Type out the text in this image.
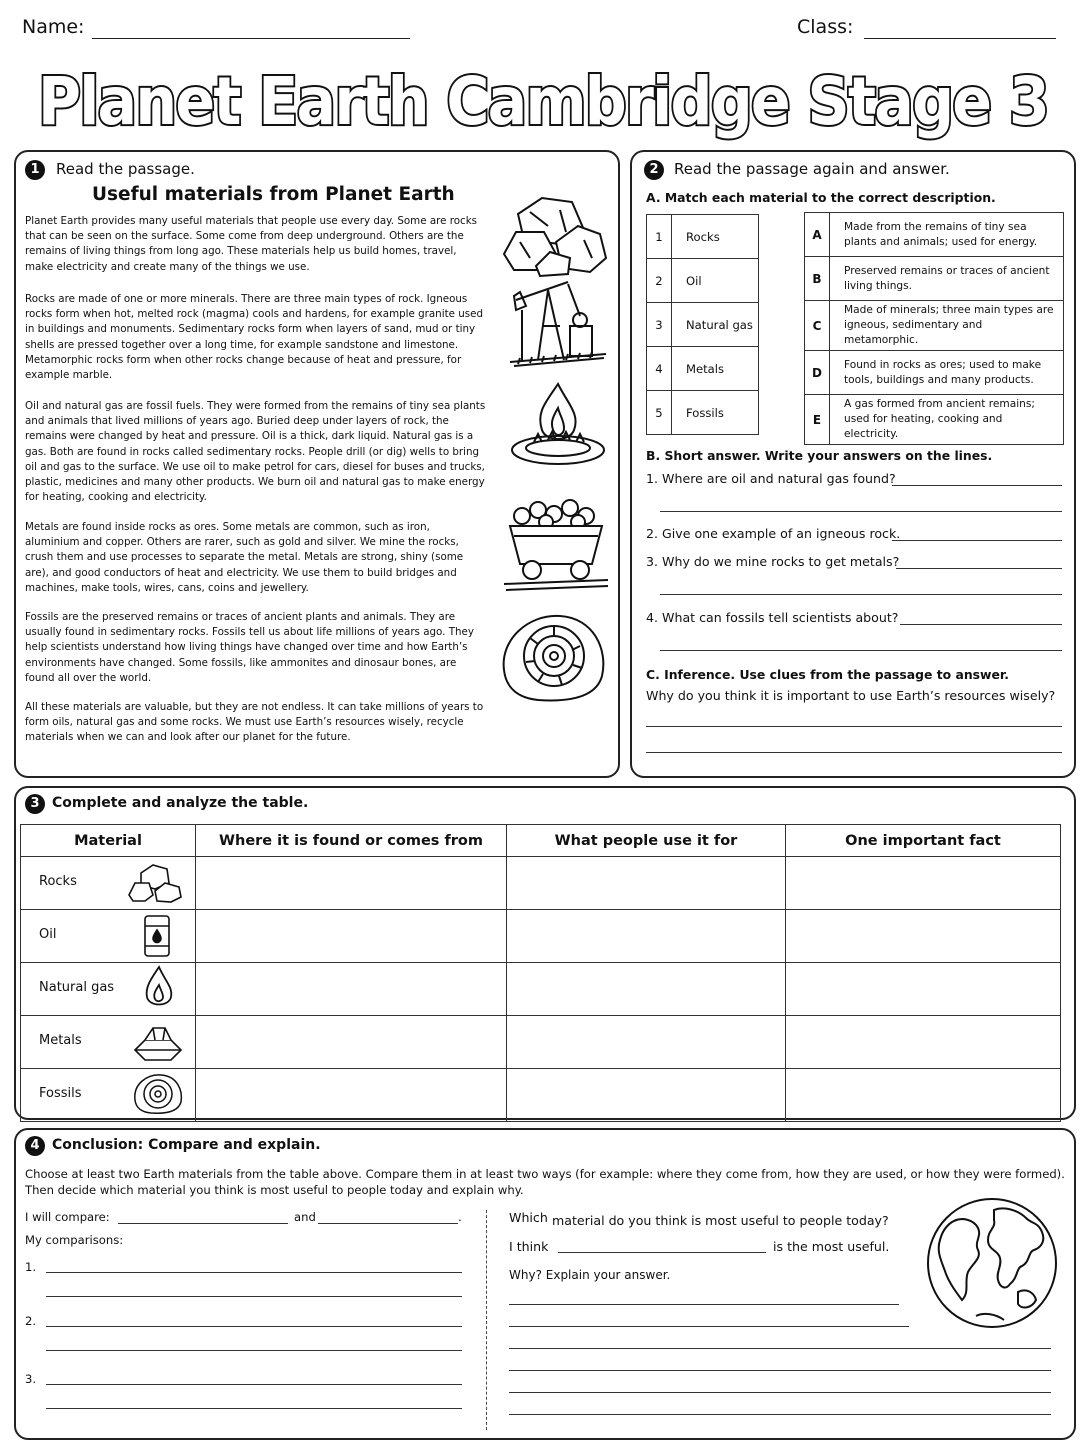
Name:	Class:
Planet Earth Cambridge Stage 3
1	Read the passage.
Useful materials from Planet Earth

Planet Earth provides many useful materials that people use every day. Some are rocks that can be seen on the surface. Some come from deep underground. Others are the remains of living things from long ago. These materials help us build homes, travel, make electricity and create many of the things we use.

Rocks are made of one or more minerals. There are three main types of rock. Igneous rocks form when hot, melted rock (magma) cools and hardens, for example granite used in buildings and monuments. Sedimentary rocks form when layers of sand, mud or tiny shells are pressed together over a long time, for example sandstone and limestone. Metamorphic rocks form when other rocks change because of heat and pressure, for example marble.

Oil and natural gas are fossil fuels. They were formed from the remains of tiny sea plants and animals that lived millions of years ago. Buried deep under layers of rock, the remains were changed by heat and pressure. Oil is a thick, dark liquid. Natural gas is a gas. Both are found in rocks called sedimentary rocks. People drill (or dig) wells to bring oil and gas to the surface. We use oil to make petrol for cars, diesel for buses and trucks, plastic, medicines and many other products. We burn oil and natural gas to make energy for heating, cooking and electricity.

Metals are found inside rocks as ores. Some metals are common, such as iron, aluminium and copper. Others are rarer, such as gold and silver. We mine the rocks, crush them and use processes to separate the metal. Metals are strong, shiny (some are), and good conductors of heat and electricity. We use them to build bridges and machines, make tools, wires, cans, coins and jewellery.

Fossils are the preserved remains or traces of ancient plants and animals. They are usually found in sedimentary rocks. Fossils tell us about life millions of years ago. They help scientists understand how living things have changed over time and how Earth’s environments have changed. Some fossils, like ammonites and dinosaur bones, are found all over the world.

All these materials are valuable, but they are not endless. It can take millions of years to form oils, natural gas and some rocks. We must use Earth’s resources wisely, recycle materials when we can and look after our planet for the future.

2	Read the passage again and answer.
A. Match each material to the correct description.
1	Rocks
2	Oil
3	Natural gas
4	Metals
5	Fossils
A	Made from the remains of tiny sea plants and animals; used for energy.
B	Preserved remains or traces of ancient living things.
C	Made of minerals; three main types are igneous, sedimentary and metamorphic.
D	Found in rocks as ores; used to make tools, buildings and many products.
E	A gas formed from ancient remains; used for heating, cooking and electricity.
B. Short answer. Write your answers on the lines.
1. Where are oil and natural gas found?
2. Give one example of an igneous rock.
3. Why do we mine rocks to get metals?
4. What can fossils tell scientists about?
C. Inference. Use clues from the passage to answer.
Why do you think it is important to use Earth’s resources wisely?
3 Complete and analyze the table.
Material	Where it is found or comes from	What people use it for	One important fact

Rocks			

Oil			

Natural gas			

Metals			

Fossils			

4 Conclusion: Compare and explain.
Choose at least two Earth materials from the table above. Compare them in at least two ways (for example: where they come from, how they are used, or how they were formed). Then decide which material you think is most useful to people today and explain why.
I will compare:	and	.
My comparisons:
1.
2.
3.
Which material do you think is most useful to people today?
I think	is the most useful.
Why? Explain your answer.
